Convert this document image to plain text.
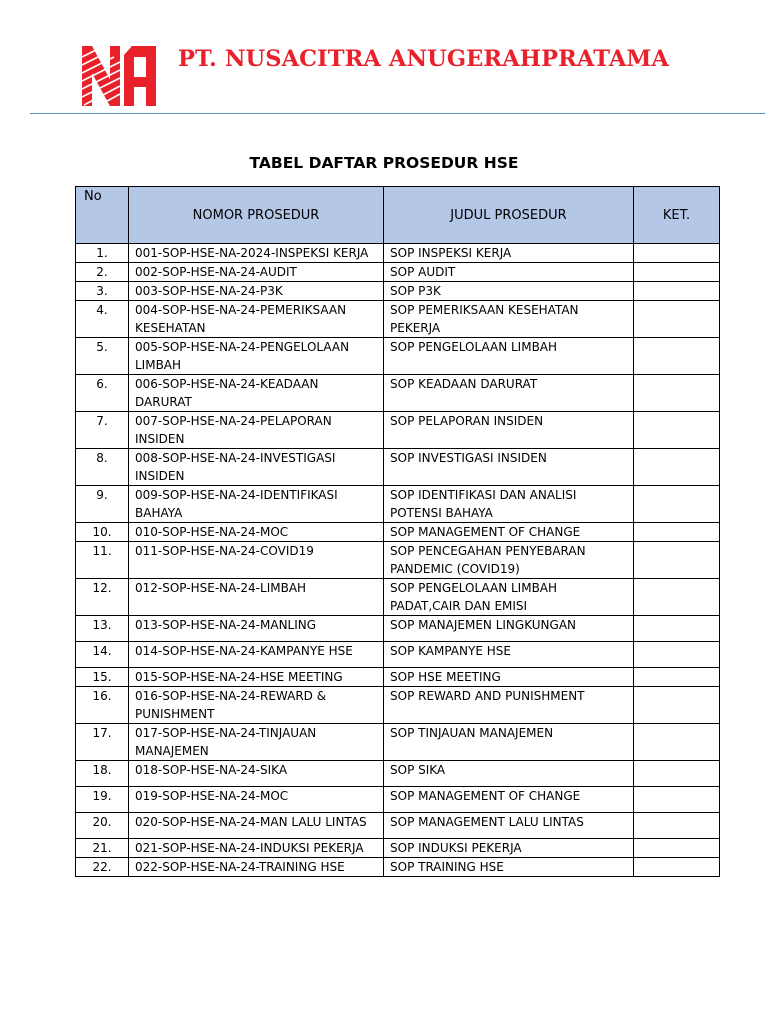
PT. NUSACITRA ANUGERAHPRATAMA
TABEL DAFTAR PROSEDUR HSE
No	NOMOR PROSEDUR	JUDUL PROSEDUR	KET.
1.	001-SOP-HSE-NA-2024-INSPEKSI KERJA	SOP INSPEKSI KERJA	
2.	002-SOP-HSE-NA-24-AUDIT	SOP AUDIT	
3.	003-SOP-HSE-NA-24-P3K	SOP P3K	
4.	004-SOP-HSE-NA-24-PEMERIKSAAN KESEHATAN	SOP PEMERIKSAAN KESEHATAN PEKERJA	
5.	005-SOP-HSE-NA-24-PENGELOLAAN LIMBAH	SOP PENGELOLAAN LIMBAH	
6.	006-SOP-HSE-NA-24-KEADAAN DARURAT	SOP KEADAAN DARURAT	
7.	007-SOP-HSE-NA-24-PELAPORAN INSIDEN	SOP PELAPORAN INSIDEN	
8.	008-SOP-HSE-NA-24-INVESTIGASI INSIDEN	SOP INVESTIGASI INSIDEN	
9.	009-SOP-HSE-NA-24-IDENTIFIKASI BAHAYA	SOP IDENTIFIKASI DAN ANALISI POTENSI BAHAYA	
10.	010-SOP-HSE-NA-24-MOC	SOP MANAGEMENT OF CHANGE	
11.	011-SOP-HSE-NA-24-COVID19	SOP PENCEGAHAN PENYEBARAN PANDEMIC (COVID19)	
12.	012-SOP-HSE-NA-24-LIMBAH	SOP PENGELOLAAN LIMBAH PADAT,CAIR DAN EMISI	
13.	013-SOP-HSE-NA-24-MANLING	SOP MANAJEMEN LINGKUNGAN	
14.	014-SOP-HSE-NA-24-KAMPANYE HSE	SOP KAMPANYE HSE	
15.	015-SOP-HSE-NA-24-HSE MEETING	SOP HSE MEETING	
16.	016-SOP-HSE-NA-24-REWARD & PUNISHMENT	SOP REWARD AND PUNISHMENT	
17.	017-SOP-HSE-NA-24-TINJAUAN MANAJEMEN	SOP TINJAUAN MANAJEMEN	
18.	018-SOP-HSE-NA-24-SIKA	SOP SIKA	
19.	019-SOP-HSE-NA-24-MOC	SOP MANAGEMENT OF CHANGE	
20.	020-SOP-HSE-NA-24-MAN LALU LINTAS	SOP MANAGEMENT LALU LINTAS	
21.	021-SOP-HSE-NA-24-INDUKSI PEKERJA	SOP INDUKSI PEKERJA	
22.	022-SOP-HSE-NA-24-TRAINING HSE	SOP TRAINING HSE	
